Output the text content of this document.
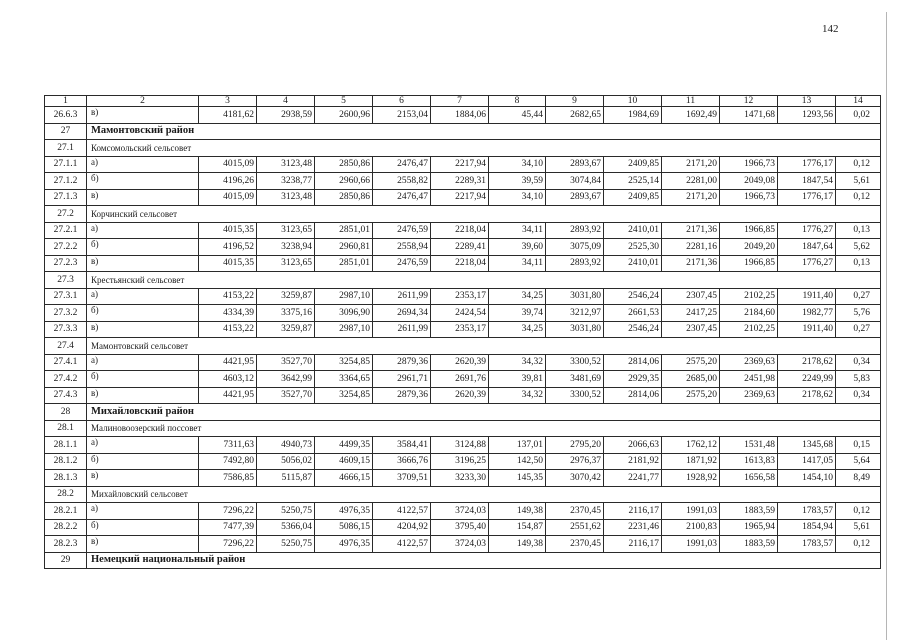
142
1	2	3	4	5	6	7	8	9	10	11	12	13	14
26.6.3	в)	4181,62	2938,59	2600,96	2153,04	1884,06	45,44	2682,65	1984,69	1692,49	1471,68	1293,56	0,02
27	Мамонтовский район												
27.1	Комсомольский сельсовет												
27.1.1	а)	4015,09	3123,48	2850,86	2476,47	2217,94	34,10	2893,67	2409,85	2171,20	1966,73	1776,17	0,12
27.1.2	б)	4196,26	3238,77	2960,66	2558,82	2289,31	39,59	3074,84	2525,14	2281,00	2049,08	1847,54	5,61
27.1.3	в)	4015,09	3123,48	2850,86	2476,47	2217,94	34,10	2893,67	2409,85	2171,20	1966,73	1776,17	0,12
27.2	Корчинский сельсовет												
27.2.1	а)	4015,35	3123,65	2851,01	2476,59	2218,04	34,11	2893,92	2410,01	2171,36	1966,85	1776,27	0,13
27.2.2	б)	4196,52	3238,94	2960,81	2558,94	2289,41	39,60	3075,09	2525,30	2281,16	2049,20	1847,64	5,62
27.2.3	в)	4015,35	3123,65	2851,01	2476,59	2218,04	34,11	2893,92	2410,01	2171,36	1966,85	1776,27	0,13
27.3	Крестьянский сельсовет												
27.3.1	а)	4153,22	3259,87	2987,10	2611,99	2353,17	34,25	3031,80	2546,24	2307,45	2102,25	1911,40	0,27
27.3.2	б)	4334,39	3375,16	3096,90	2694,34	2424,54	39,74	3212,97	2661,53	2417,25	2184,60	1982,77	5,76
27.3.3	в)	4153,22	3259,87	2987,10	2611,99	2353,17	34,25	3031,80	2546,24	2307,45	2102,25	1911,40	0,27
27.4	Мамонтовский сельсовет												
27.4.1	а)	4421,95	3527,70	3254,85	2879,36	2620,39	34,32	3300,52	2814,06	2575,20	2369,63	2178,62	0,34
27.4.2	б)	4603,12	3642,99	3364,65	2961,71	2691,76	39,81	3481,69	2929,35	2685,00	2451,98	2249,99	5,83
27.4.3	в)	4421,95	3527,70	3254,85	2879,36	2620,39	34,32	3300,52	2814,06	2575,20	2369,63	2178,62	0,34
28	Михайловский район												
28.1	Малиновоозерский поссовет												
28.1.1	а)	7311,63	4940,73	4499,35	3584,41	3124,88	137,01	2795,20	2066,63	1762,12	1531,48	1345,68	0,15
28.1.2	б)	7492,80	5056,02	4609,15	3666,76	3196,25	142,50	2976,37	2181,92	1871,92	1613,83	1417,05	5,64
28.1.3	в)	7586,85	5115,87	4666,15	3709,51	3233,30	145,35	3070,42	2241,77	1928,92	1656,58	1454,10	8,49
28.2	Михайловский сельсовет												
28.2.1	а)	7296,22	5250,75	4976,35	4122,57	3724,03	149,38	2370,45	2116,17	1991,03	1883,59	1783,57	0,12
28.2.2	б)	7477,39	5366,04	5086,15	4204,92	3795,40	154,87	2551,62	2231,46	2100,83	1965,94	1854,94	5,61
28.2.3	в)	7296,22	5250,75	4976,35	4122,57	3724,03	149,38	2370,45	2116,17	1991,03	1883,59	1783,57	0,12
29	Немецкий национальный район												
